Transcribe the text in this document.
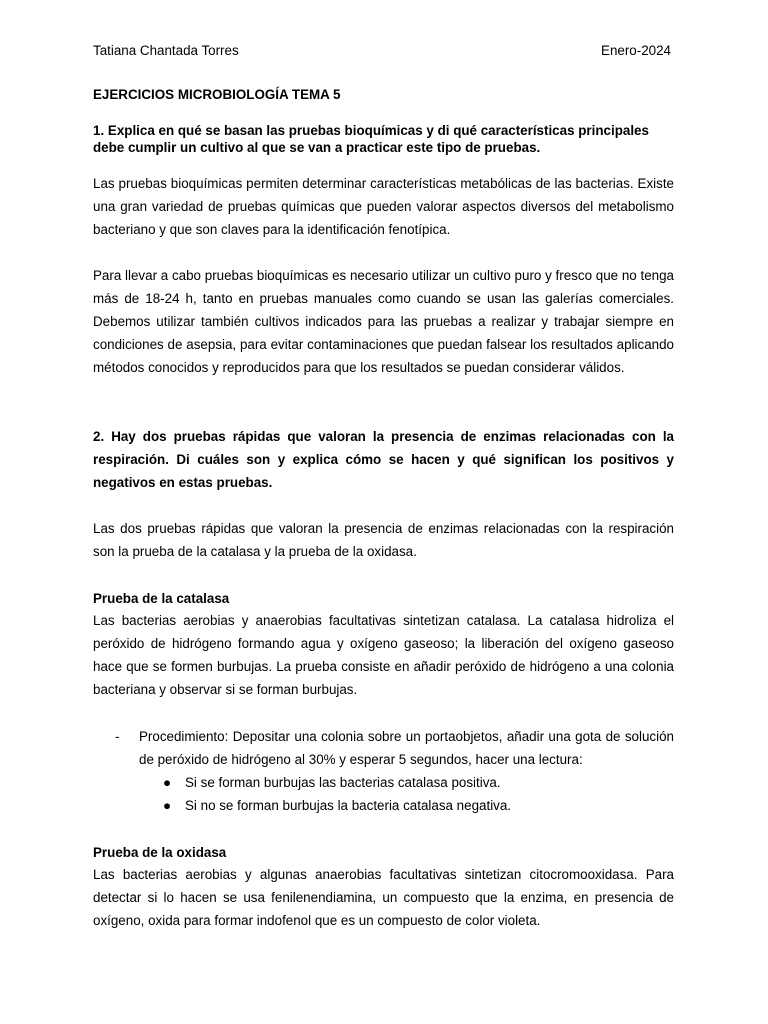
Tatiana Chantada Torres	Enero-2024
EJERCICIOS MICROBIOLOGÍA TEMA 5
1. Explica en qué se basan las pruebas bioquímicas y di qué características principales debe cumplir un cultivo al que se van a practicar este tipo de pruebas.

Las pruebas bioquímicas permiten determinar características metabólicas de las bacterias. Existe una gran variedad de pruebas químicas que pueden valorar aspectos diversos del metabolismo bacteriano y que son claves para la identificación fenotípica.

Para llevar a cabo pruebas bioquímicas es necesario utilizar un cultivo puro y fresco que no tenga más de 18-24 h, tanto en pruebas manuales como cuando se usan las galerías comerciales. Debemos utilizar también cultivos indicados para las pruebas a realizar y trabajar siempre en condiciones de asepsia, para evitar contaminaciones que puedan falsear los resultados aplicando métodos conocidos y reproducidos para que los resultados se puedan considerar válidos.

2. Hay dos pruebas rápidas que valoran la presencia de enzimas relacionadas con la respiración. Di cuáles son y explica cómo se hacen y qué significan los positivos y negativos en estas pruebas.

Las dos pruebas rápidas que valoran la presencia de enzimas relacionadas con la respiración son la prueba de la catalasa y la prueba de la oxidasa.

Prueba de la catalasa

Las bacterias aerobias y anaerobias facultativas sintetizan catalasa. La catalasa hidroliza el peróxido de hidrógeno formando agua y oxígeno gaseoso; la liberación del oxígeno gaseoso hace que se formen burbujas. La prueba consiste en añadir peróxido de hidrógeno a una colonia bacteriana y observar si se forman burbujas.

- Procedimiento: Depositar una colonia sobre un portaobjetos, añadir una gota de solución de peróxido de hidrógeno al 30% y esperar 5 segundos, hacer una lectura:
● Si se forman burbujas las bacterias catalasa positiva.
● Si no se forman burbujas la bacteria catalasa negativa.
Prueba de la oxidasa

Las bacterias aerobias y algunas anaerobias facultativas sintetizan citocromooxidasa. Para detectar si lo hacen se usa fenilenendiamina, un compuesto que la enzima, en presencia de oxígeno, oxida para formar indofenol que es un compuesto de color violeta.
